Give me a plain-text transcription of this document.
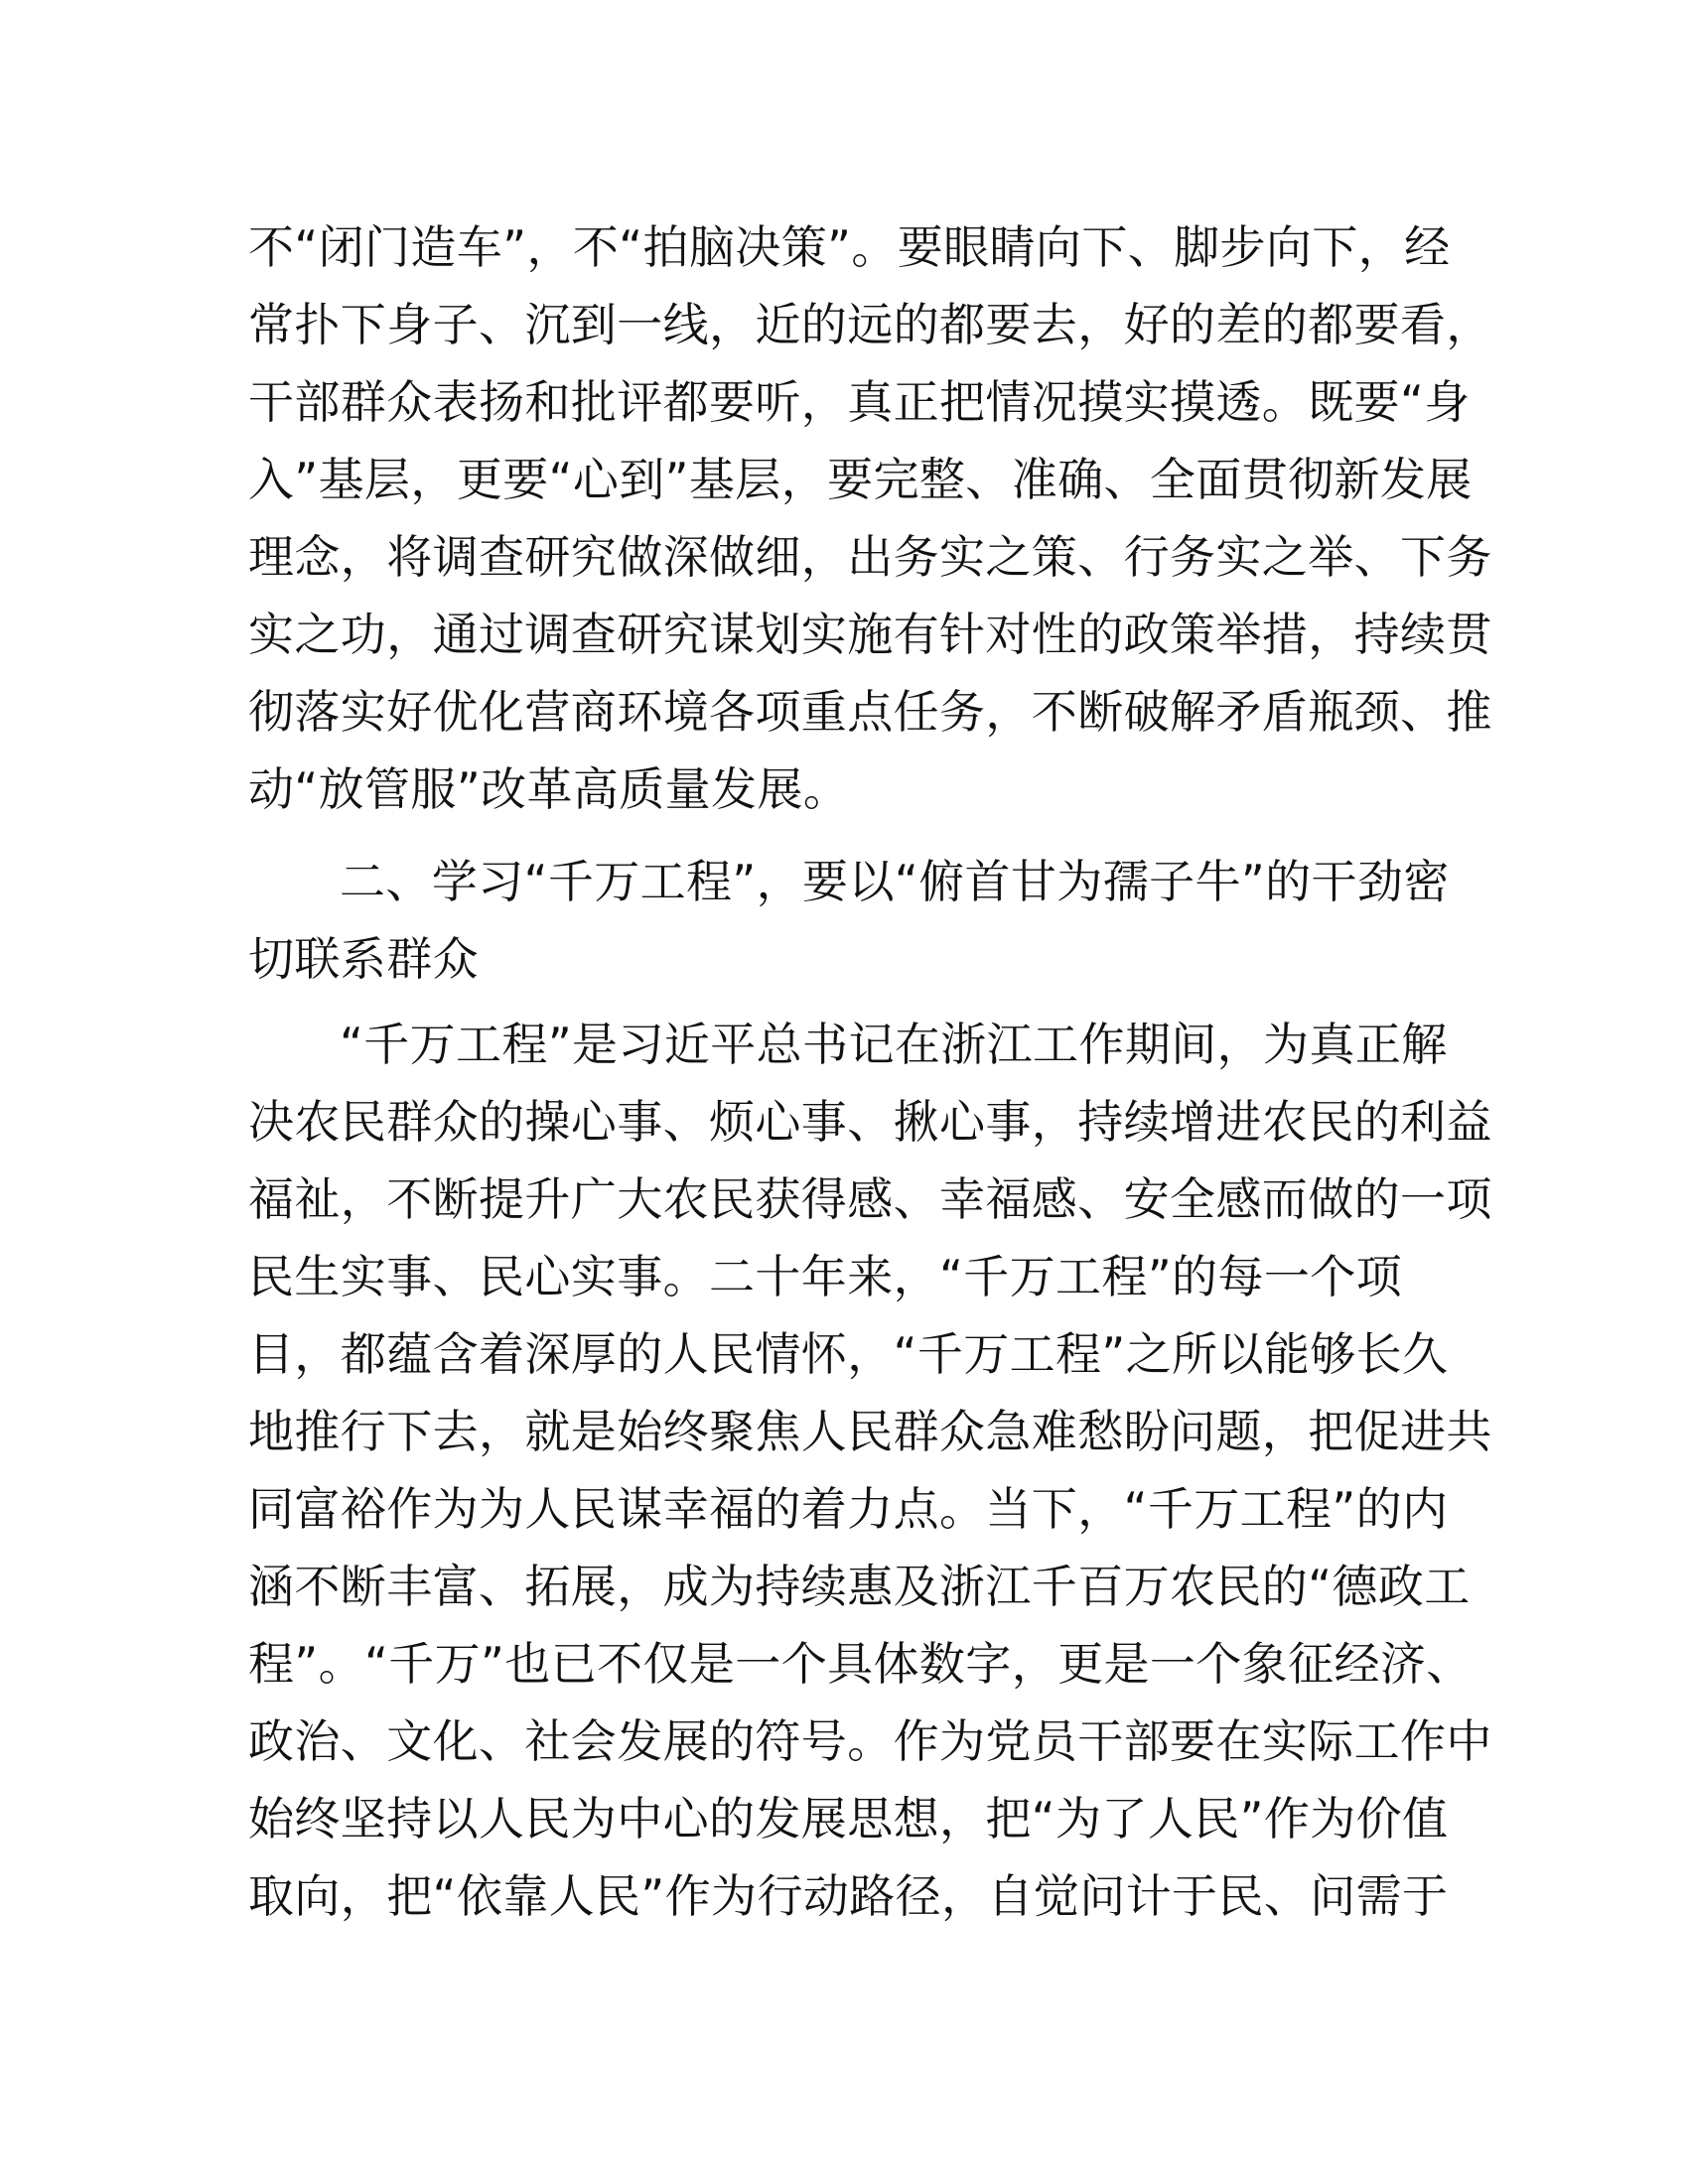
不“闭门造车”，不“拍脑决策”。要眼睛向下、脚步向下，经
常扑下身子、沉到一线，近的远的都要去，好的差的都要看，
干部群众表扬和批评都要听，真正把情况摸实摸透。既要“身
入”基层，更要“心到”基层，要完整、准确、全面贯彻新发展
理念，将调查研究做深做细，出务实之策、行务实之举、下务
实之功，通过调查研究谋划实施有针对性的政策举措，持续贯
彻落实好优化营商环境各项重点任务，不断破解矛盾瓶颈、推
动“放管服”改革高质量发展。
二、学习“千万工程”，要以“俯首甘为孺子牛”的干劲密
切联系群众
“千万工程”是习近平总书记在浙江工作期间，为真正解
决农民群众的操心事、烦心事、揪心事，持续增进农民的利益
福祉，不断提升广大农民获得感、幸福感、安全感而做的一项
民生实事、民心实事。二十年来，“千万工程”的每一个项
目，都蕴含着深厚的人民情怀，“千万工程”之所以能够长久
地推行下去，就是始终聚焦人民群众急难愁盼问题，把促进共
同富裕作为为人民谋幸福的着力点。当下，“千万工程”的内
涵不断丰富、拓展，成为持续惠及浙江千百万农民的“德政工
程”。“千万”也已不仅是一个具体数字，更是一个象征经济、
政治、文化、社会发展的符号。作为党员干部要在实际工作中
始终坚持以人民为中心的发展思想，把“为了人民”作为价值
取向，把“依靠人民”作为行动路径，自觉问计于民、问需于
